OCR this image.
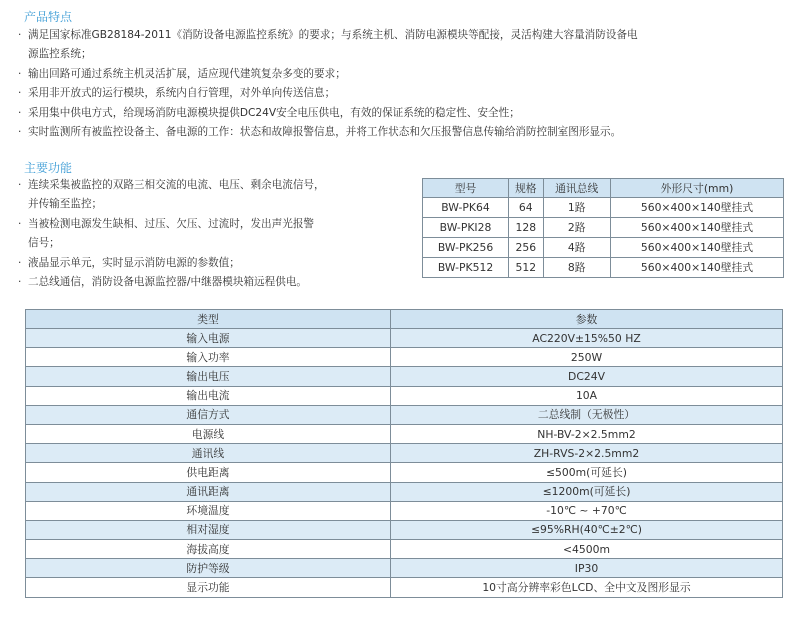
产品特点
· 满足国家标准GB28184-2011《消防设备电源监控系统》的要求；与系统主机、消防电源模块等配接，灵活构建大容量消防设备电
源监控系统；
· 输出回路可通过系统主机灵活扩展，适应现代建筑复杂多变的要求；
· 采用非开放式的运行模块，系统内自行管理，对外单向传送信息；
· 采用集中供电方式，给现场消防电源模块提供DC24V安全电压供电，有效的保证系统的稳定性、安全性；
· 实时监测所有被监控设备主、备电源的工作：状态和故障报警信息，并将工作状态和欠压报警信息传输给消防控制室图形显示。
主要功能
· 连续采集被监控的双路三相交流的电流、电压、剩余电流信号，
并传输至监控；
· 当被检测电源发生缺相、过压、欠压、过流时，发出声光报警
信号；
· 液晶显示单元，实时显示消防电源的参数值；
· 二总线通信，消防设备电源监控器/中继器模块箱远程供电。
型号	规格	通讯总线	外形尺寸(mm)
BW-PK64	64	1路	560×400×140壁挂式
BW-PKI28	128	2路	560×400×140壁挂式
BW-PK256	256	4路	560×400×140壁挂式
BW-PK512	512	8路	560×400×140壁挂式
类型	参数
输入电源	AC220V±15%50 HZ
输入功率	250W
输出电压	DC24V
输出电流	10A
通信方式	二总线制（无极性）
电源线	NH-BV-2×2.5mm2
通讯线	ZH-RVS-2×2.5mm2
供电距离	≤500m(可延长)
通讯距离	≤1200m(可延长)
环境温度	-10℃ ~ +70℃
相对湿度	≤95%RH(40℃±2℃)
海拔高度	<4500m
防护等级	IP30
显示功能	10寸高分辨率彩色LCD、全中文及图形显示
